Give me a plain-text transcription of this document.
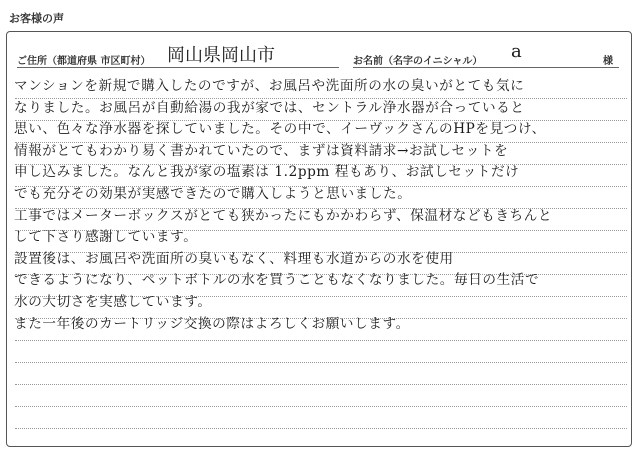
お客様の声
ご住所（都道府県 市区町村） 岡山県岡山市	お名前（名字のイニシャル） a	様
マンションを新規で購入したのですが、お風呂や洗面所の水の臭いがとても気に
なりました。お風呂が自動給湯の我が家では、セントラル浄水器が合っていると
思い、色々な浄水器を探していました。その中で、イーヴックさんのHPを見つけ、
情報がとてもわかり易く書かれていたので、まずは資料請求→お試しセットを
申し込みました。なんと我が家の塩素は 1.2ppm 程もあり、お試しセットだけ
でも充分その効果が実感できたので購入しようと思いました。
工事ではメーターボックスがとても狭かったにもかかわらず、保温材などもきちんと
して下さり感謝しています。
設置後は、お風呂や洗面所の臭いもなく、料理も水道からの水を使用
できるようになり、ペットボトルの水を買うこともなくなりました。毎日の生活で
水の大切さを実感しています。
また一年後のカートリッジ交換の際はよろしくお願いします。
